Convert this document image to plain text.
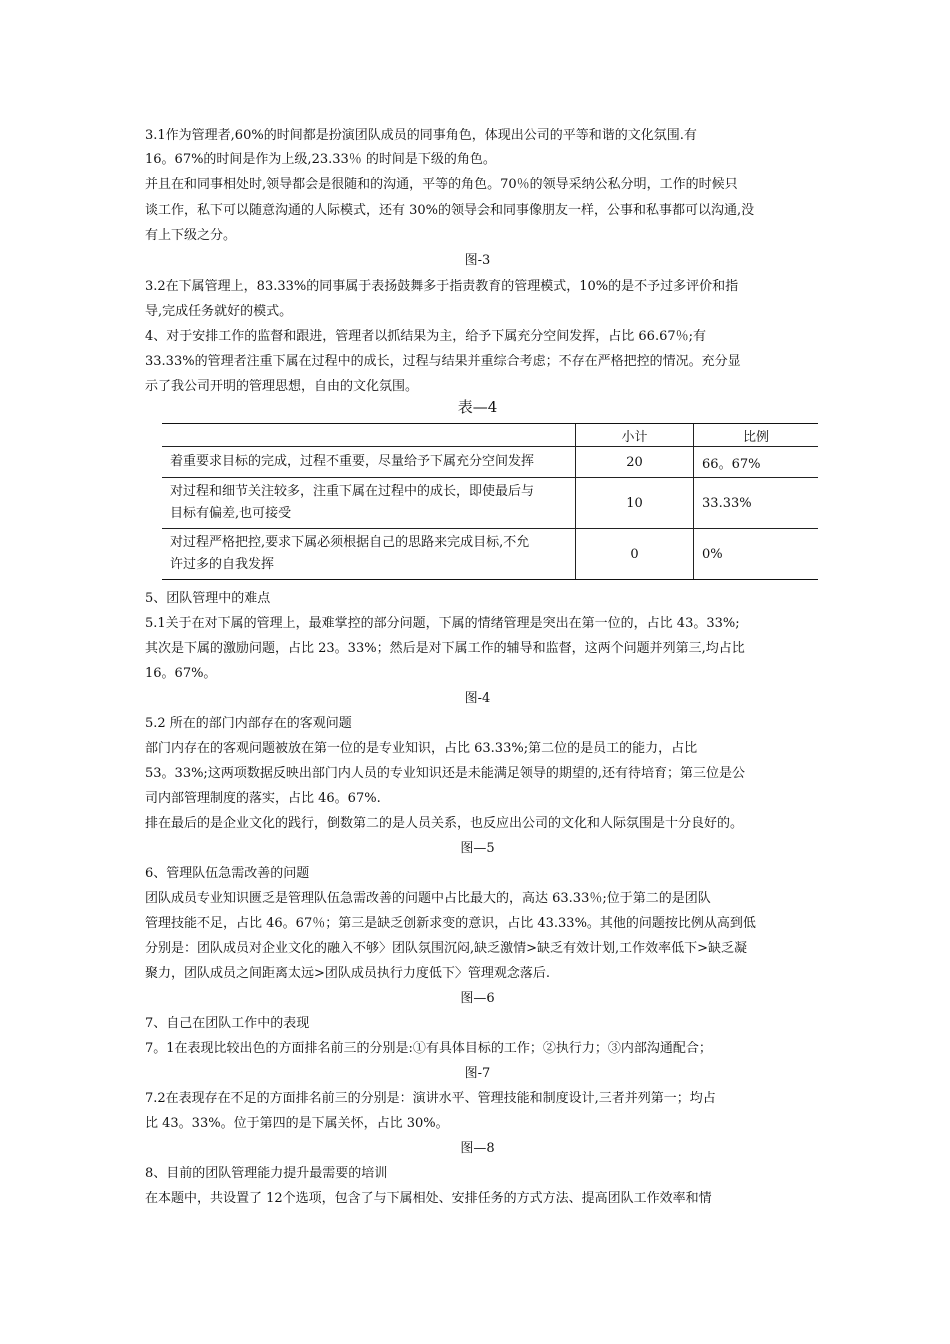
3.1作为管理者,60%的时间都是扮演团队成员的同事角色，体现出公司的平等和谐的文化氛围.有
16。67%的时间是作为上级,23.33％ 的时间是下级的角色。
并且在和同事相处时,领导都会是很随和的沟通，平等的角色。70％的领导采纳公私分明，工作的时候只
谈工作，私下可以随意沟通的人际模式，还有 30%的领导会和同事像朋友一样，公事和私事都可以沟通,没
有上下级之分。
图-3
3.2在下属管理上，83.33%的同事属于表扬鼓舞多于指责教育的管理模式，10%的是不予过多评价和指
导,完成任务就好的模式。
4、对于安排工作的监督和跟进，管理者以抓结果为主，给予下属充分空间发挥，占比 66.67％;有
33.33%的管理者注重下属在过程中的成长，过程与结果并重综合考虑；不存在严格把控的情况。充分显
示了我公司开明的管理思想，自由的文化氛围。
表—4
	小计	比例
着重要求目标的完成，过程不重要，尽量给予下属充分空间发挥	20	66。67%

对过程和细节关注较多，注重下属在过程中的成长，即使最后与
目标有偏差,也可接受	10	33.33%

对过程严格把控,要求下属必须根据自己的思路来完成目标,不允
许过多的自我发挥	0	0%
5、团队管理中的难点
5.1关于在对下属的管理上，最难掌控的部分问题，下属的情绪管理是突出在第一位的，占比 43。33%;
其次是下属的激励问题，占比 23。33%；然后是对下属工作的辅导和监督，这两个问题并列第三,均占比
16。67%。
图-4
5.2 所在的部门内部存在的客观问题
部门内存在的客观问题被放在第一位的是专业知识，占比 63.33%;第二位的是员工的能力，占比
53。33%;这两项数据反映出部门内人员的专业知识还是未能满足领导的期望的,还有待培育；第三位是公
司内部管理制度的落实，占比 46。67%.
排在最后的是企业文化的践行，倒数第二的是人员关系，也反应出公司的文化和人际氛围是十分良好的。
图—5
6、管理队伍急需改善的问题
团队成员专业知识匮乏是管理队伍急需改善的问题中占比最大的，高达 63.33％;位于第二的是团队
管理技能不足，占比 46。67％；第三是缺乏创新求变的意识，占比 43.33%。其他的问题按比例从高到低
分别是：团队成员对企业文化的融入不够〉团队氛围沉闷,缺乏激情>缺乏有效计划,工作效率低下>缺乏凝
聚力，团队成员之间距离太远>团队成员执行力度低下〉管理观念落后.
图—6
7、自己在团队工作中的表现
7。1在表现比较出色的方面排名前三的分别是:①有具体目标的工作；②执行力；③内部沟通配合；
图-7
7.2在表现存在不足的方面排名前三的分别是：演讲水平、管理技能和制度设计,三者并列第一；均占
比 43。33%。位于第四的是下属关怀，占比 30%。
图—8
8、目前的团队管理能力提升最需要的培训
在本题中，共设置了 12个选项，包含了与下属相处、安排任务的方式方法、提高团队工作效率和情
